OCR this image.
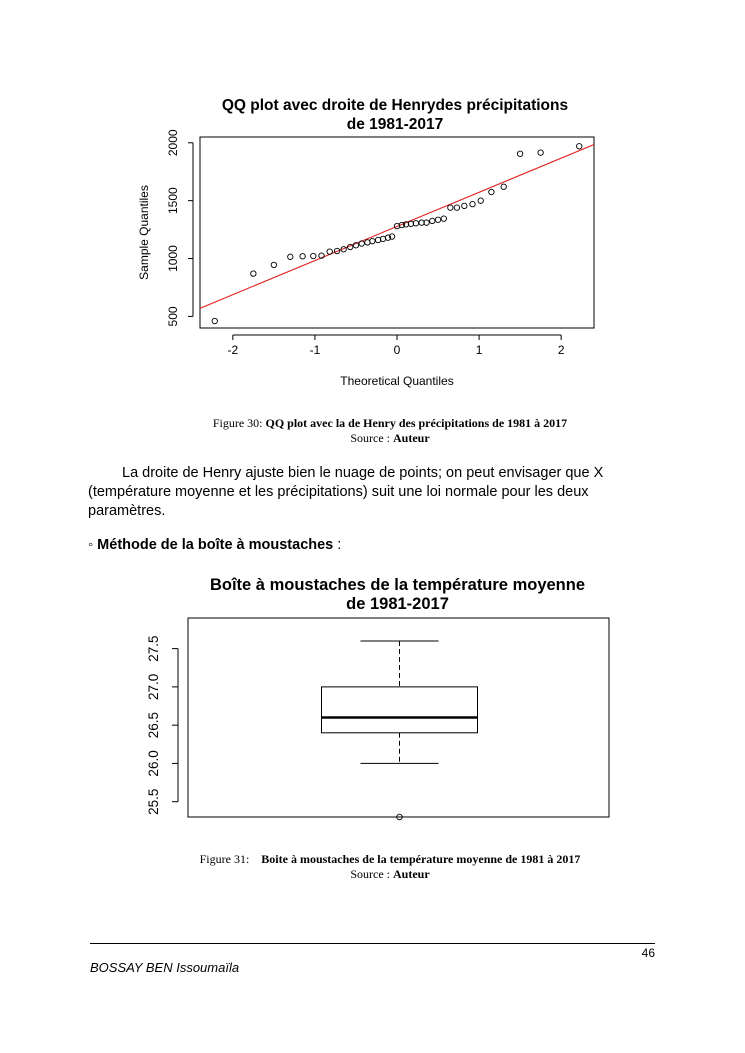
QQ plot avec droite de Henrydes précipitations
de 1981-2017
-2	-1	0	1	2
500
1000
1500
2000
Theoretical Quantiles
Sample Quantiles
Figure 30: QQ plot avec la de Henry des précipitations de 1981 à 2017
Source : Auteur
La droite de Henry ajuste bien le nuage de points; on peut envisager que X (température moyenne et les précipitations) suit une loi normale pour les deux paramètres.
◦ Méthode de la boîte à moustaches :
Boîte à moustaches de la température moyenne
de 1981-2017
25.5
26.0
26.5
27.0
27.5
Figure 31: Boite à moustaches de la température moyenne de 1981 à 2017
Source : Auteur
46
BOSSAY BEN Issoumaïla
